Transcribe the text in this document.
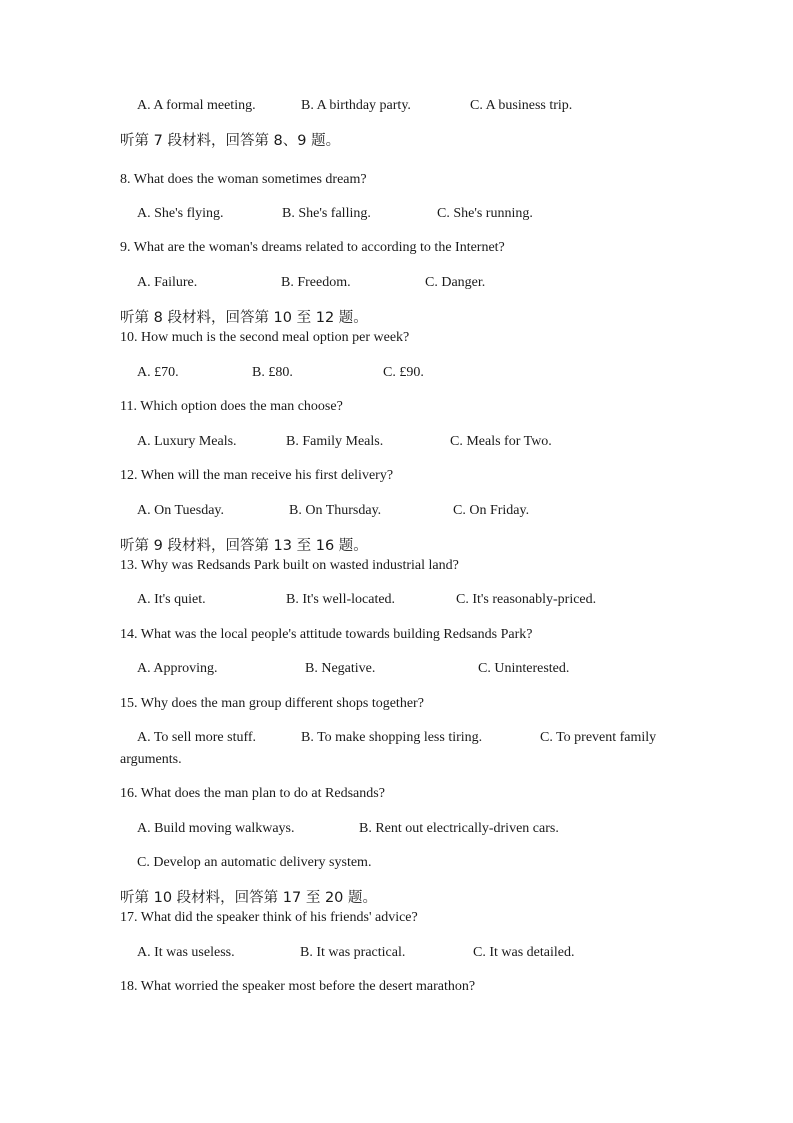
A. A formal meeting.	B. A birthday party.	C. A business trip.
听第 7 段材料，回答第 8、9 题。
8. What does the woman sometimes dream?
A. She's flying.	B. She's falling.	C. She's running.
9. What are the woman's dreams related to according to the Internet?
A. Failure.	B. Freedom.	C. Danger.
听第 8 段材料，回答第 10 至 12 题。
10. How much is the second meal option per week?
A. £70.	B. £80.	C. £90.
11. Which option does the man choose?
A. Luxury Meals.	B. Family Meals.	C. Meals for Two.
12. When will the man receive his first delivery?
A. On Tuesday.	B. On Thursday.	C. On Friday.
听第 9 段材料，回答第 13 至 16 题。
13. Why was Redsands Park built on wasted industrial land?
A. It's quiet.	B. It's well-located.	C. It's reasonably-priced.
14. What was the local people's attitude towards building Redsands Park?
A. Approving.	B. Negative.	C. Uninterested.
15. Why does the man group different shops together?
A. To sell more stuff.	B. To make shopping less tiring.	C. To prevent family
arguments.
16. What does the man plan to do at Redsands?
A. Build moving walkways.	B. Rent out electrically-driven cars.
C. Develop an automatic delivery system.
听第 10 段材料，回答第 17 至 20 题。
17. What did the speaker think of his friends' advice?
A. It was useless.	B. It was practical.	C. It was detailed.
18. What worried the speaker most before the desert marathon?
